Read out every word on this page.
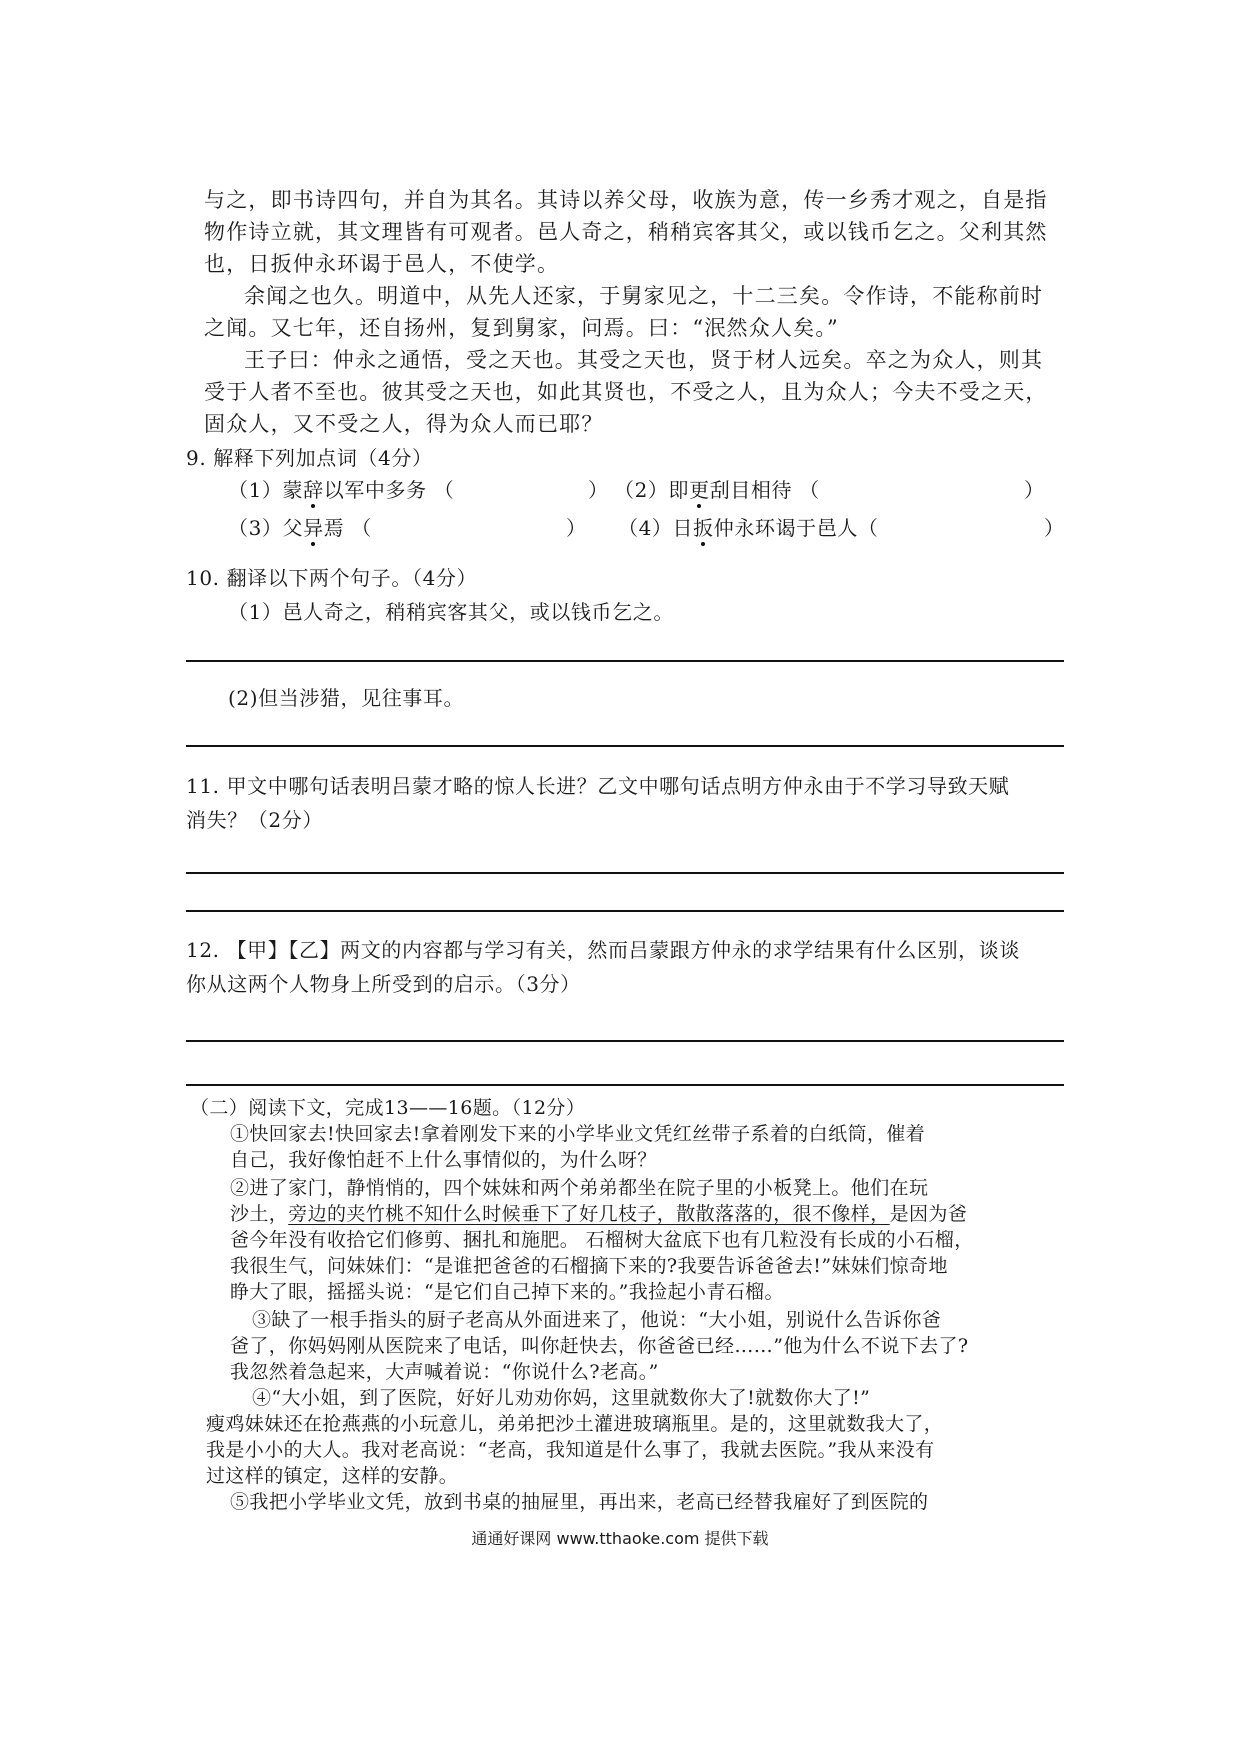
与之，即书诗四句，并自为其名。其诗以养父母，收族为意，传一乡秀才观之，自是指
物作诗立就，其文理皆有可观者。邑人奇之，稍稍宾客其父，或以钱币乞之。父利其然
也，日扳仲永环谒于邑人，不使学。
余闻之也久。明道中，从先人还家，于舅家见之，十二三矣。令作诗，不能称前时
之闻。又七年，还自扬州，复到舅家，问焉。曰：“泯然众人矣。”
王子曰：仲永之通悟，受之天也。其受之天也，贤于材人远矣。卒之为众人，则其
受于人者不至也。彼其受之天也，如此其贤也，不受之人，且为众人；今夫不受之天，
固众人，又不受之人，得为众人而已耶？
9. 解释下列加点词（4分）
（1）蒙辞以军中多务 （	） （2）即更刮目相待 （	）
（3）父异焉 （	） （4）日扳仲永环谒于邑人（	）
10. 翻译以下两个句子。（4分）
（1）邑人奇之，稍稍宾客其父，或以钱币乞之。
(2)但当涉猎，见往事耳。
11. 甲文中哪句话表明吕蒙才略的惊人长进？乙文中哪句话点明方仲永由于不学习导致天赋
消失？（2分）
12. 【甲】【乙】两文的内容都与学习有关，然而吕蒙跟方仲永的求学结果有什么区别，谈谈
你从这两个人物身上所受到的启示。（3分）
（二）阅读下文，完成13——16题。（12分）
①快回家去!快回家去!拿着刚发下来的小学毕业文凭红丝带子系着的白纸筒，催着
自己，我好像怕赶不上什么事情似的，为什么呀？
②进了家门，静悄悄的，四个妹妹和两个弟弟都坐在院子里的小板凳上。他们在玩
沙土，旁边的夹竹桃不知什么时候垂下了好几枝子，散散落落的，很不像样，是因为爸
爸今年没有收拾它们修剪、捆扎和施肥。 石榴树大盆底下也有几粒没有长成的小石榴，
我很生气，问妹妹们：“是谁把爸爸的石榴摘下来的?我要告诉爸爸去!”妹妹们惊奇地
睁大了眼，摇摇头说：“是它们自己掉下来的。”我捡起小青石榴。
③缺了一根手指头的厨子老高从外面进来了，他说：“大小姐，别说什么告诉你爸
爸了，你妈妈刚从医院来了电话，叫你赶快去，你爸爸已经……”他为什么不说下去了?
我忽然着急起来，大声喊着说：“你说什么?老高。”
④“大小姐，到了医院，好好儿劝劝你妈，这里就数你大了!就数你大了!”
瘦鸡妹妹还在抢燕燕的小玩意儿，弟弟把沙土灌进玻璃瓶里。是的，这里就数我大了，
我是小小的大人。我对老高说：“老高，我知道是什么事了，我就去医院。”我从来没有
过这样的镇定，这样的安静。
⑤我把小学毕业文凭，放到书桌的抽屉里，再出来，老高已经替我雇好了到医院的
通通好课网 www.tthaoke.com 提供下载
